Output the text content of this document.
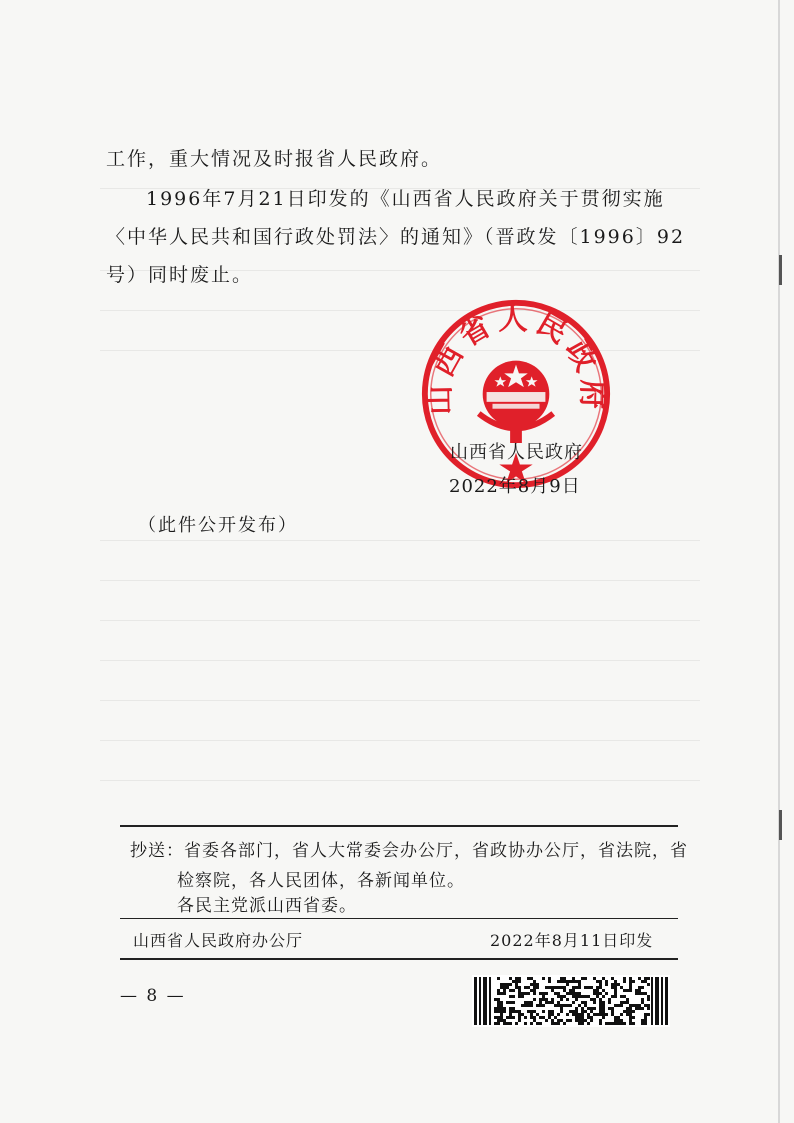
工作，重大情况及时报省人民政府。

1996年7月21日印发的《山西省人民政府关于贯彻实施〈中华人民共和国行政处罚法〉的通知》（晋政发〔1996〕92号）同时废止。

山西省人民政府
山西省人民政府
2022年8月9日
（此件公开发布）
抄送：省委各部门，省人大常委会办公厅，省政协办公厅，省法院，省
检察院，各人民团体，各新闻单位。
各民主党派山西省委。
山西省人民政府办公厅	2022年8月11日印发
— 8 —
